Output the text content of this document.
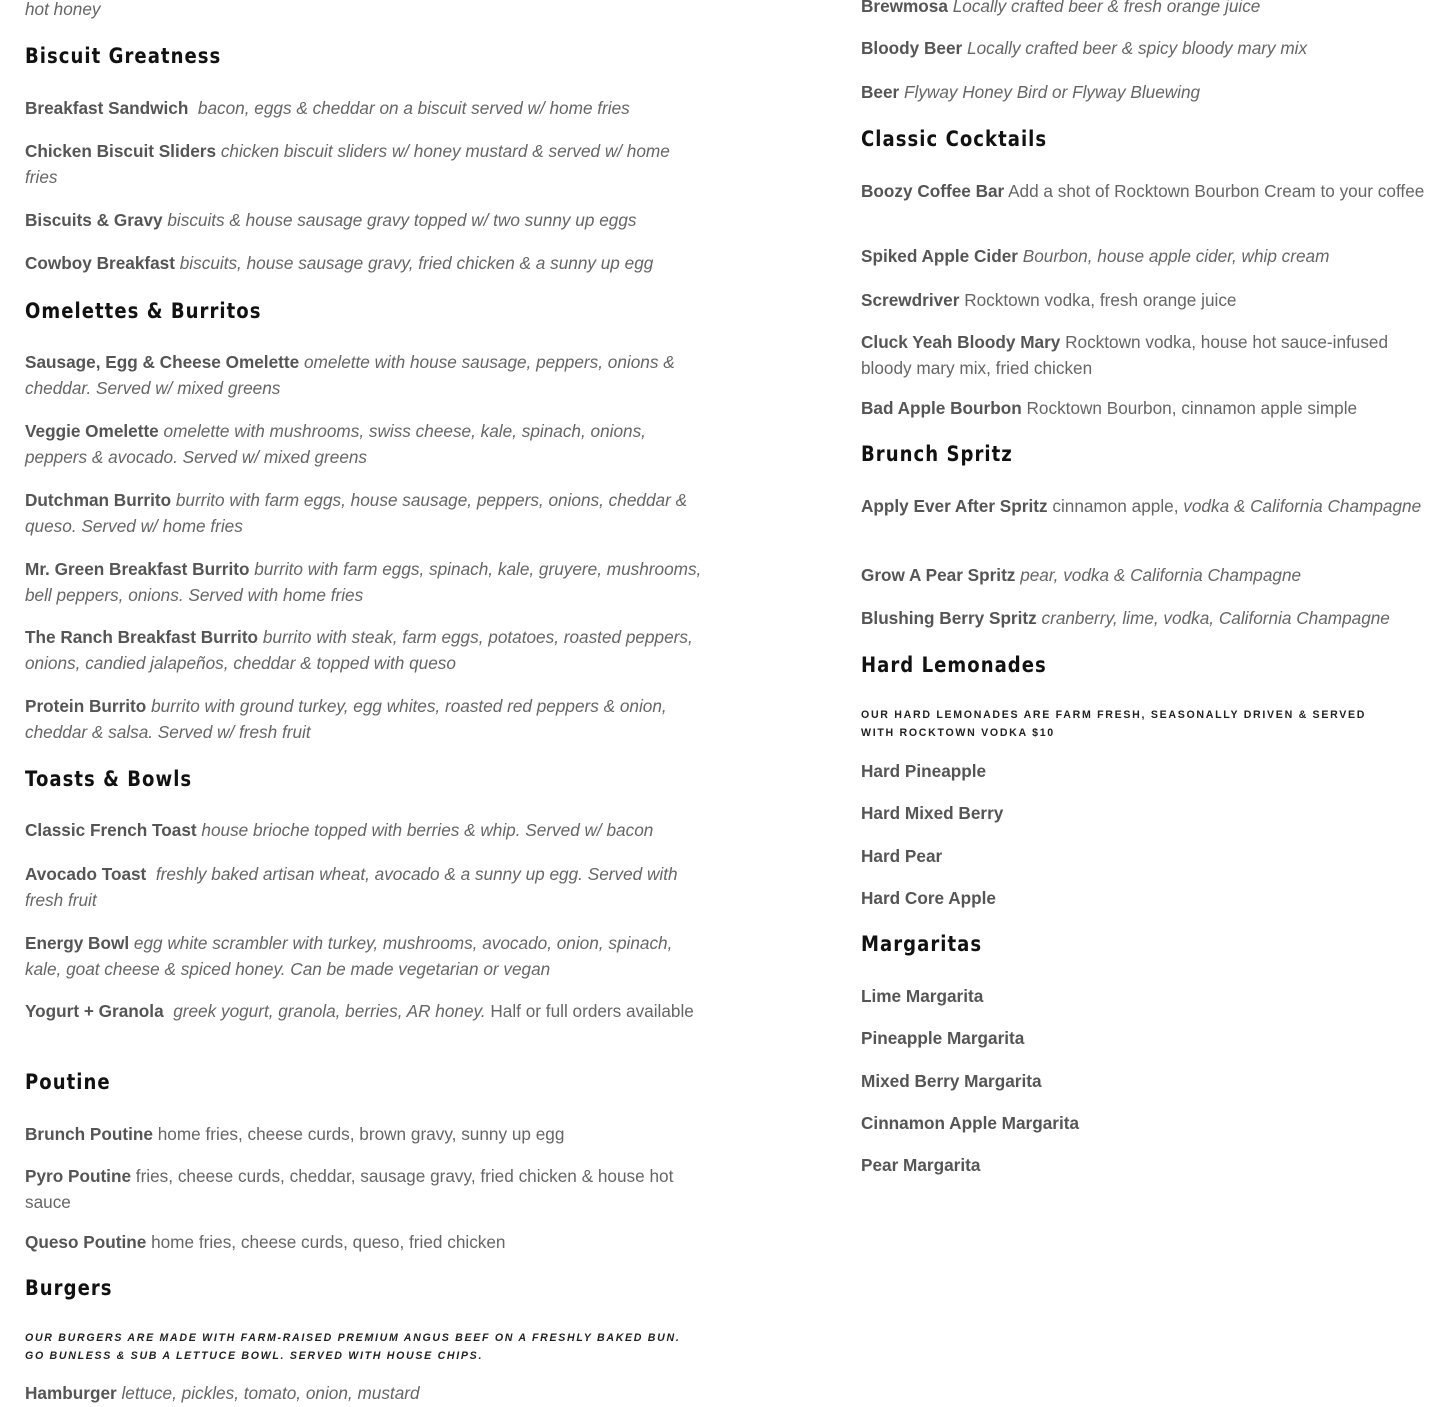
hot honey

Biscuit Greatness

Breakfast Sandwich bacon, eggs & cheddar on a biscuit served w/ home fries

Chicken Biscuit Sliders chicken biscuit sliders w/ honey mustard & served w/ home fries

Biscuits & Gravy biscuits & house sausage gravy topped w/ two sunny up eggs

Cowboy Breakfast biscuits, house sausage gravy, fried chicken & a sunny up egg

Omelettes & Burritos

Sausage, Egg & Cheese Omelette omelette with house sausage, peppers, onions & cheddar. Served w/ mixed greens

Veggie Omelette omelette with mushrooms, swiss cheese, kale, spinach, onions, peppers & avocado. Served w/ mixed greens

Dutchman Burrito burrito with farm eggs, house sausage, peppers, onions, cheddar & queso. Served w/ home fries

Mr. Green Breakfast Burrito burrito with farm eggs, spinach, kale, gruyere, mushrooms, bell peppers, onions. Served with home fries

The Ranch Breakfast Burrito burrito with steak, farm eggs, potatoes, roasted peppers, onions, candied jalapeños, cheddar & topped with queso

Protein Burrito burrito with ground turkey, egg whites, roasted red peppers & onion, cheddar & salsa. Served w/ fresh fruit

Toasts & Bowls

Classic French Toast house brioche topped with berries & whip. Served w/ bacon

Avocado Toast freshly baked artisan wheat, avocado & a sunny up egg. Served with fresh fruit

Energy Bowl egg white scrambler with turkey, mushrooms, avocado, onion, spinach, kale, goat cheese & spiced honey. Can be made vegetarian or vegan

Yogurt + Granola greek yogurt, granola, berries, AR honey. Half or full orders available

Poutine

Brunch Poutine home fries, cheese curds, brown gravy, sunny up egg

Pyro Poutine fries, cheese curds, cheddar, sausage gravy, fried chicken & house hot sauce

Queso Poutine home fries, cheese curds, queso, fried chicken

Burgers

OUR BURGERS ARE MADE WITH FARM-RAISED PREMIUM ANGUS BEEF ON A FRESHLY BAKED BUN. GO BUNLESS & SUB A LETTUCE BOWL. SERVED WITH HOUSE CHIPS.

Hamburger lettuce, pickles, tomato, onion, mustard

Brewmosa Locally crafted beer & fresh orange juice

Bloody Beer Locally crafted beer & spicy bloody mary mix

Beer Flyway Honey Bird or Flyway Bluewing

Classic Cocktails

Boozy Coffee Bar Add a shot of Rocktown Bourbon Cream to your coffee

Spiked Apple Cider Bourbon, house apple cider, whip cream

Screwdriver Rocktown vodka, fresh orange juice

Cluck Yeah Bloody Mary Rocktown vodka, house hot sauce-infused bloody mary mix, fried chicken

Bad Apple Bourbon Rocktown Bourbon, cinnamon apple simple

Brunch Spritz

Apply Ever After Spritz cinnamon apple, vodka & California Champagne

Grow A Pear Spritz pear, vodka & California Champagne

Blushing Berry Spritz cranberry, lime, vodka, California Champagne

Hard Lemonades

OUR HARD LEMONADES ARE FARM FRESH, SEASONALLY DRIVEN & SERVED WITH ROCKTOWN VODKA $10

Hard Pineapple

Hard Mixed Berry

Hard Pear

Hard Core Apple

Margaritas

Lime Margarita

Pineapple Margarita

Mixed Berry Margarita

Cinnamon Apple Margarita

Pear Margarita
